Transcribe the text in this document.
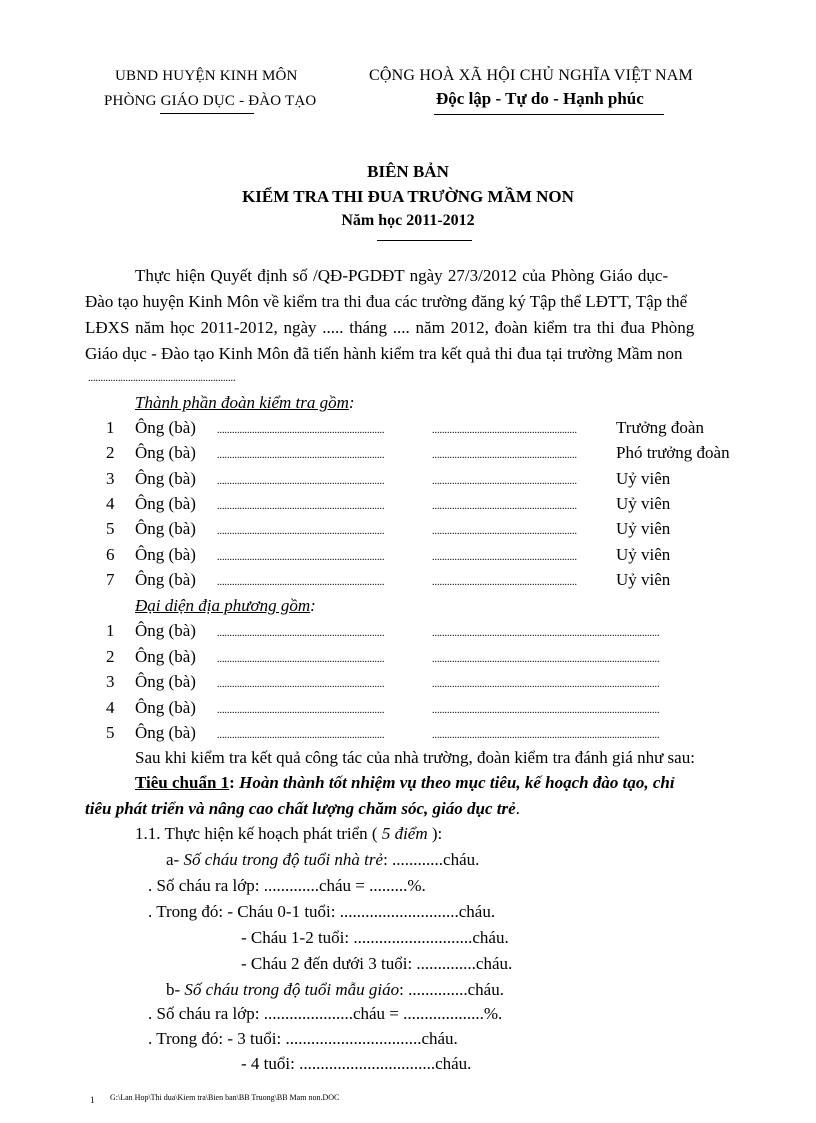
UBND HUYỆN KINH MÔN
PHÒNG GIÁO DỤC - ĐÀO TẠO
CỘNG HOÀ XÃ HỘI CHỦ NGHĨA VIỆT NAM
Độc lập - Tự do - Hạnh phúc
BIÊN BẢN
KIỂM TRA THI ĐUA TRƯỜNG MẦM NON
Năm học 2011-2012
Thực hiện Quyết định số /QĐ-PGDĐT ngày 27/3/2012 của Phòng Giáo dục-
Đào tạo huyện Kinh Môn về kiểm tra thi đua các trường đăng ký Tập thể LĐTT, Tập thể
LĐXS năm học 2011-2012, ngày ..... tháng .... năm 2012, đoàn kiểm tra thi đua Phòng
Giáo dục - Đào tạo Kinh Môn đã tiến hành kiểm tra kết quả thi đua tại trường Mầm non
...........................................................
Thành phần đoàn kiểm tra gồm:
1 Ông (bà) ...................................................................	.......................................................... Trưởng đoàn
2 Ông (bà) ...................................................................	.......................................................... Phó trưởng đoàn
3 Ông (bà) ...................................................................	.......................................................... Uỷ viên
4 Ông (bà) ...................................................................	.......................................................... Uỷ viên
5 Ông (bà) ...................................................................	.......................................................... Uỷ viên
6 Ông (bà) ...................................................................	.......................................................... Uỷ viên
7 Ông (bà) ...................................................................	.......................................................... Uỷ viên
Đại diện địa phương gồm:
1 Ông (bà) ...................................................................	...........................................................................................
2 Ông (bà) ...................................................................	...........................................................................................
3 Ông (bà) ...................................................................	...........................................................................................
4 Ông (bà) ...................................................................	...........................................................................................
5 Ông (bà) ...................................................................	...........................................................................................
Sau khi kiểm tra kết quả công tác của nhà trường, đoàn kiểm tra đánh giá như sau:
Tiêu chuẩn 1: Hoàn thành tốt nhiệm vụ theo mục tiêu, kế hoạch đào tạo, chỉ
tiêu phát triển và nâng cao chất lượng chăm sóc, giáo dục trẻ.
1.1. Thực hiện kế hoạch phát triển ( 5 điểm ):
a- Số cháu trong độ tuổi nhà trẻ: ............cháu.
. Số cháu ra lớp: .............cháu = .........%.
. Trong đó: - Cháu 0-1 tuổi: ............................cháu.
- Cháu 1-2 tuổi: ............................cháu.
- Cháu 2 đến dưới 3 tuổi: ..............cháu.
b- Số cháu trong độ tuổi mẫu giáo: ..............cháu.
. Số cháu ra lớp: .....................cháu = ...................%.
. Trong đó: - 3 tuổi: ................................cháu.
- 4 tuổi: ................................cháu.
1 G:\Lan Hop\Thi dua\Kiem tra\Bien ban\BB Truong\BB Mam non.DOC
